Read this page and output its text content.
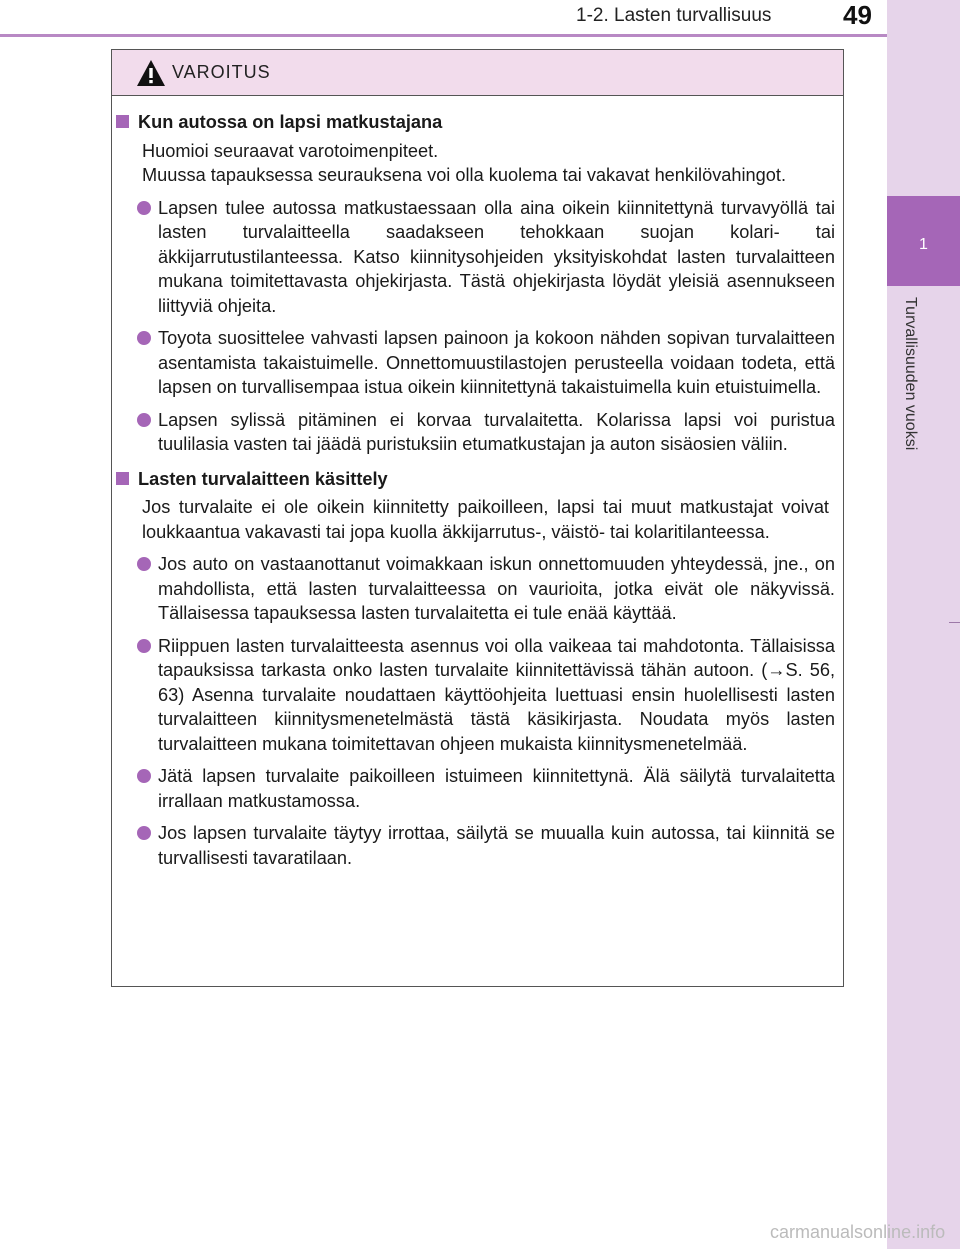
1-2. Lasten turvallisuus	49
1
Turvallisuuden vuoksi
VAROITUS
Kun autossa on lapsi matkustajana
Huomioi seuraavat varotoimenpiteet.
Muussa tapauksessa seurauksena voi olla kuolema tai vakavat henkilövahingot.
Lapsen tulee autossa matkustaessaan olla aina oikein kiinnitettynä turvavyöllä tai lasten turvalaitteella saadakseen tehokkaan suojan kolari- tai äkkijarrutustilanteessa. Katso kiinnitysohjeiden yksityiskohdat lasten turvalaitteen mukana toimitettavasta ohjekirjasta. Tästä ohjekirjasta löydät yleisiä asennukseen liittyviä ohjeita.
Toyota suosittelee vahvasti lapsen painoon ja kokoon nähden sopivan turvalaitteen asentamista takaistuimelle. Onnettomuustilastojen perusteella voidaan todeta, että lapsen on turvallisempaa istua oikein kiinnitettynä takaistuimella kuin etuistuimella.
Lapsen sylissä pitäminen ei korvaa turvalaitetta. Kolarissa lapsi voi puristua tuulilasia vasten tai jäädä puristuksiin etumatkustajan ja auton sisäosien väliin.
Lasten turvalaitteen käsittely
Jos turvalaite ei ole oikein kiinnitetty paikoilleen, lapsi tai muut matkustajat voivat loukkaantua vakavasti tai jopa kuolla äkkijarrutus-, väistö- tai kolaritilanteessa.
Jos auto on vastaanottanut voimakkaan iskun onnettomuuden yhteydessä, jne., on mahdollista, että lasten turvalaitteessa on vaurioita, jotka eivät ole näkyvissä. Tällaisessa tapauksessa lasten turvalaitetta ei tule enää käyttää.
Riippuen lasten turvalaitteesta asennus voi olla vaikeaa tai mahdotonta. Tällaisissa tapauksissa tarkasta onko lasten turvalaite kiinnitettävissä tähän autoon. (→S. 56, 63) Asenna turvalaite noudattaen käyttöohjeita luettuasi ensin huolellisesti lasten turvalaitteen kiinnitysmenetelmästä tästä käsikirjasta. Noudata myös lasten turvalaitteen mukana toimitettavan ohjeen mukaista kiinnitysmenetelmää.
Jätä lapsen turvalaite paikoilleen istuimeen kiinnitettynä. Älä säilytä turvalaitetta irrallaan matkustamossa.
Jos lapsen turvalaite täytyy irrottaa, säilytä se muualla kuin autossa, tai kiinnitä se turvallisesti tavaratilaan.
carmanualsonline.info
